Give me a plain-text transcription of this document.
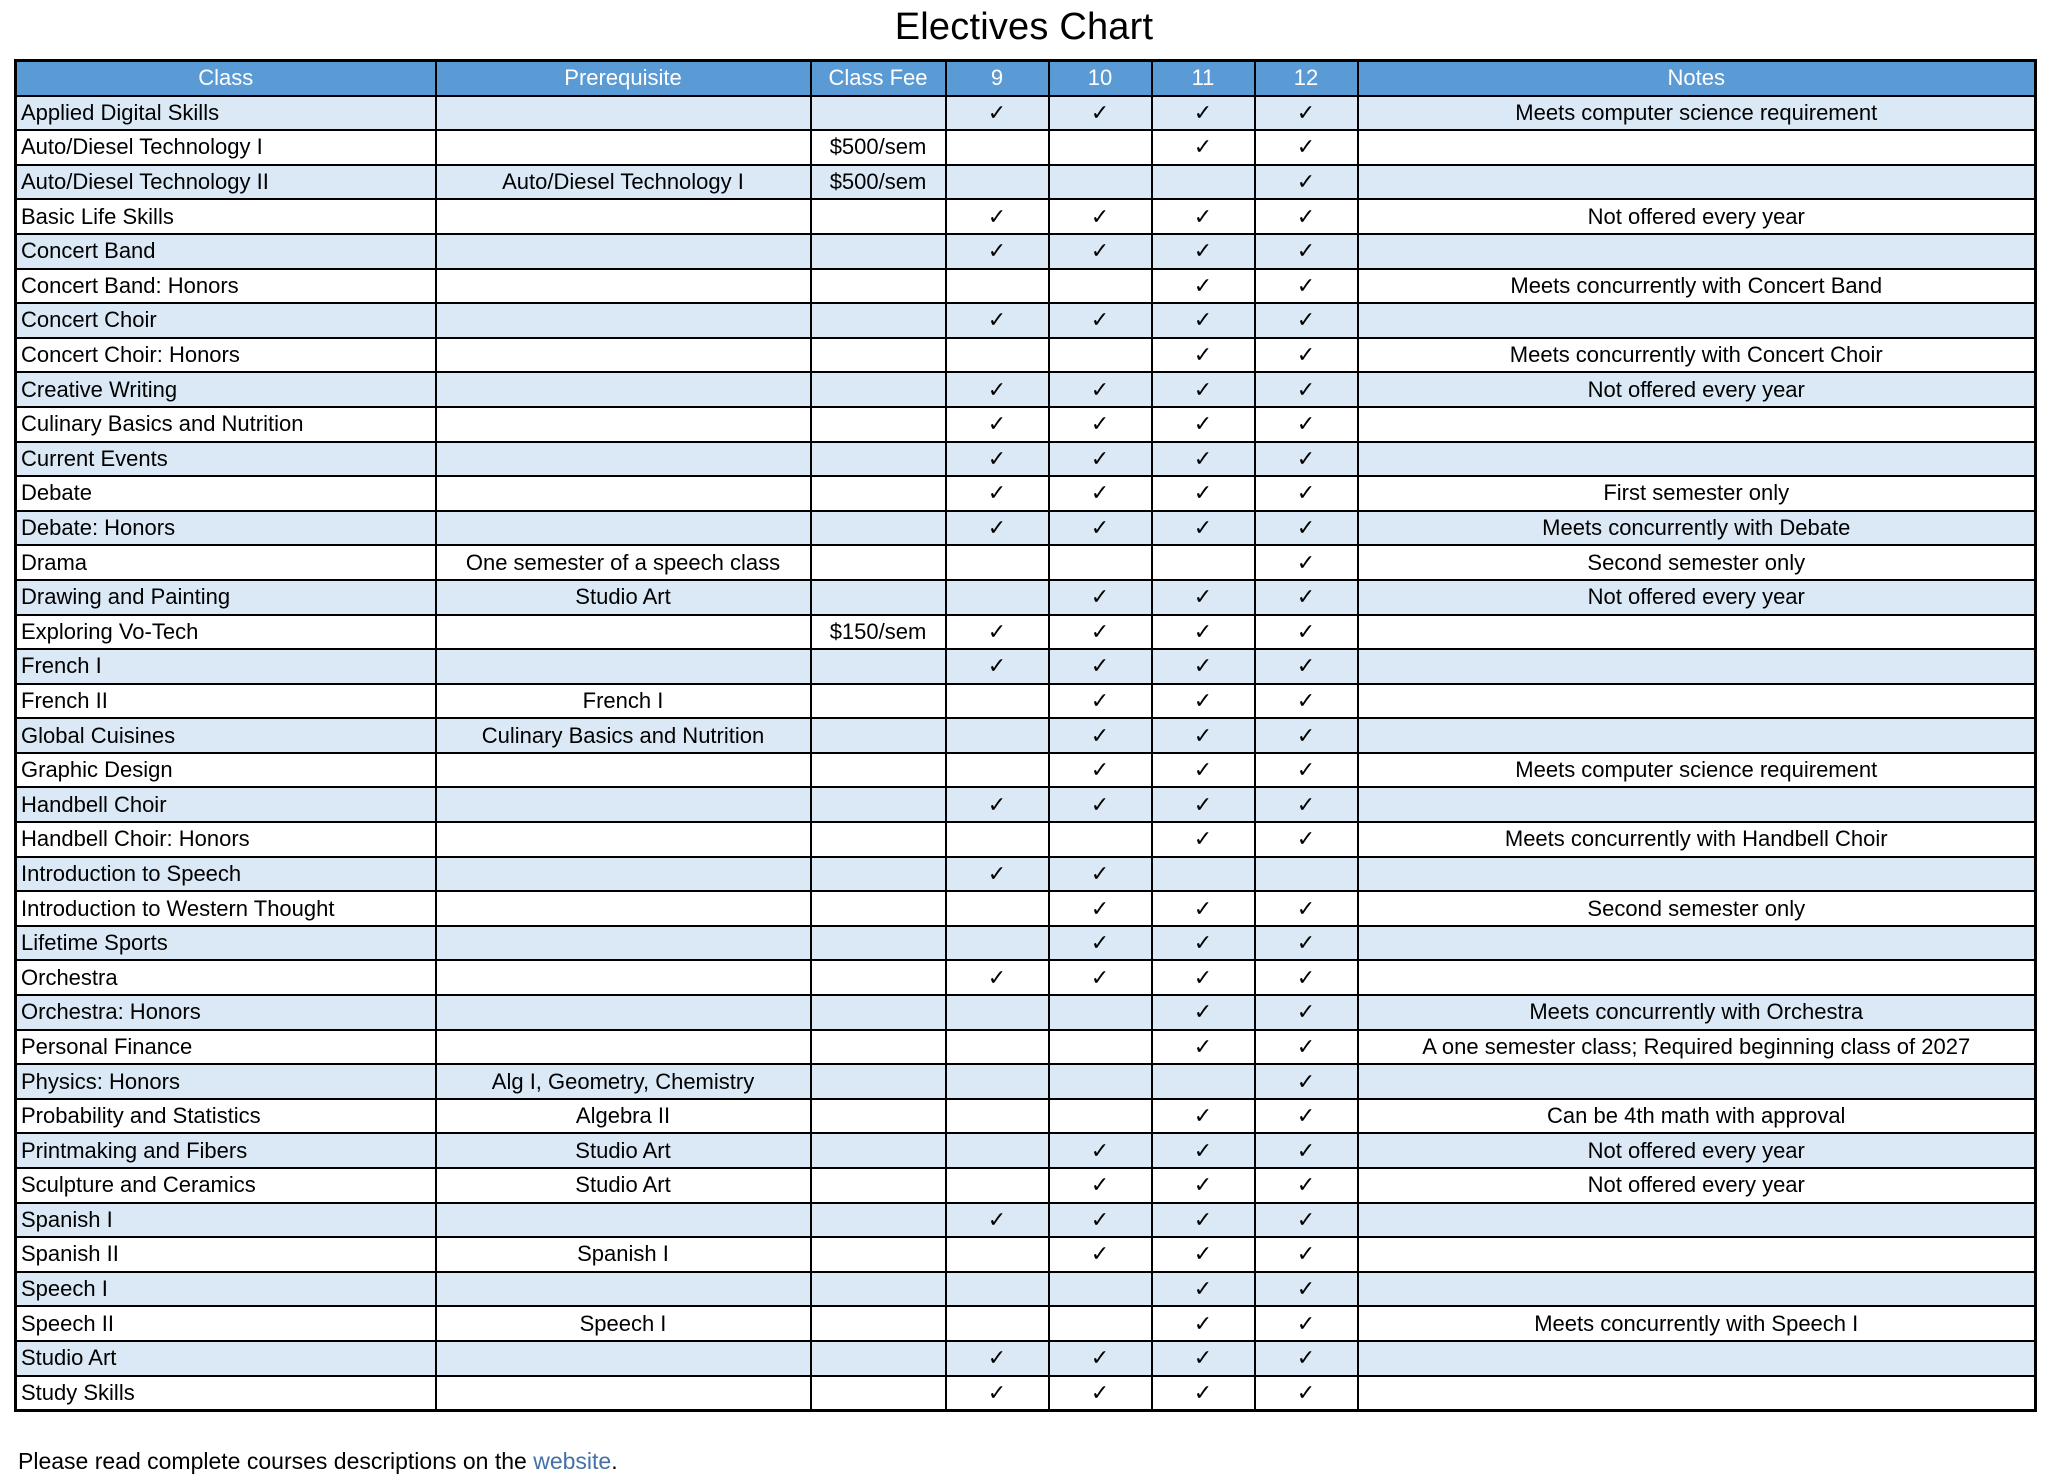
Electives Chart
Class	Prerequisite	Class Fee	9	10	11	12	Notes
Applied Digital Skills			✓	✓	✓	✓	Meets computer science requirement
Auto/Diesel Technology I		$500/sem			✓	✓	
Auto/Diesel Technology II	Auto/Diesel Technology I	$500/sem				✓	
Basic Life Skills			✓	✓	✓	✓	Not offered every year
Concert Band			✓	✓	✓	✓	
Concert Band: Honors					✓	✓	Meets concurrently with Concert Band
Concert Choir			✓	✓	✓	✓	
Concert Choir: Honors					✓	✓	Meets concurrently with Concert Choir
Creative Writing			✓	✓	✓	✓	Not offered every year
Culinary Basics and Nutrition			✓	✓	✓	✓	
Current Events			✓	✓	✓	✓	
Debate			✓	✓	✓	✓	First semester only
Debate: Honors			✓	✓	✓	✓	Meets concurrently with Debate
Drama	One semester of a speech class					✓	Second semester only
Drawing and Painting	Studio Art			✓	✓	✓	Not offered every year
Exploring Vo-Tech		$150/sem	✓	✓	✓	✓	
French I			✓	✓	✓	✓	
French II	French I			✓	✓	✓	
Global Cuisines	Culinary Basics and Nutrition			✓	✓	✓	
Graphic Design				✓	✓	✓	Meets computer science requirement
Handbell Choir			✓	✓	✓	✓	
Handbell Choir: Honors					✓	✓	Meets concurrently with Handbell Choir
Introduction to Speech			✓	✓			
Introduction to Western Thought				✓	✓	✓	Second semester only
Lifetime Sports				✓	✓	✓	
Orchestra			✓	✓	✓	✓	
Orchestra: Honors					✓	✓	Meets concurrently with Orchestra
Personal Finance					✓	✓	A one semester class; Required beginning class of 2027
Physics: Honors	Alg I, Geometry, Chemistry					✓	
Probability and Statistics	Algebra II				✓	✓	Can be 4th math with approval
Printmaking and Fibers	Studio Art			✓	✓	✓	Not offered every year
Sculpture and Ceramics	Studio Art			✓	✓	✓	Not offered every year
Spanish I			✓	✓	✓	✓	
Spanish II	Spanish I			✓	✓	✓	
Speech I					✓	✓	
Speech II	Speech I				✓	✓	Meets concurrently with Speech I
Studio Art			✓	✓	✓	✓	
Study Skills			✓	✓	✓	✓	
Please read complete courses descriptions on the website.
